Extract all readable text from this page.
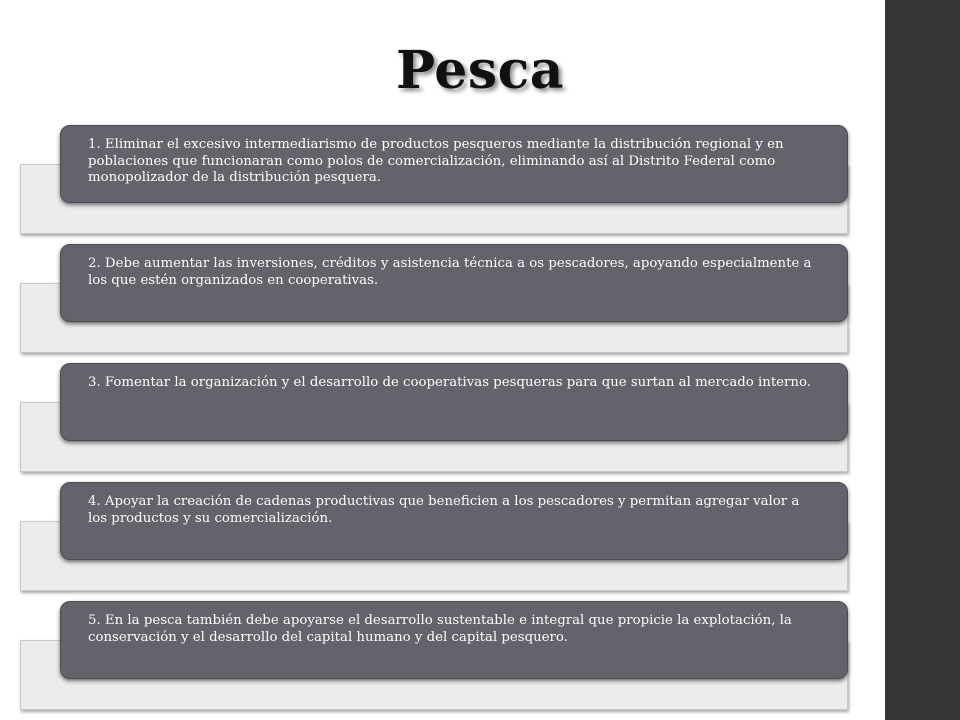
Pesca
1. Eliminar el excesivo intermediarismo de productos pesqueros mediante la distribución regional y en poblaciones que funcionaran como polos de comercialización, eliminando así al Distrito Federal como monopolizador de la distribución pesquera.
2. Debe aumentar las inversiones, créditos y asistencia técnica a os pescadores, apoyando especialmente a los que estén organizados en cooperativas.
3. Fomentar la organización y el desarrollo de cooperativas pesqueras para que surtan al mercado interno.
4. Apoyar la creación de cadenas productivas que beneficien a los pescadores y permitan agregar valor a los productos y su comercialización.
5. En la pesca también debe apoyarse el desarrollo sustentable e integral que propicie la explotación, la conservación y el desarrollo del capital humano y del capital pesquero.
